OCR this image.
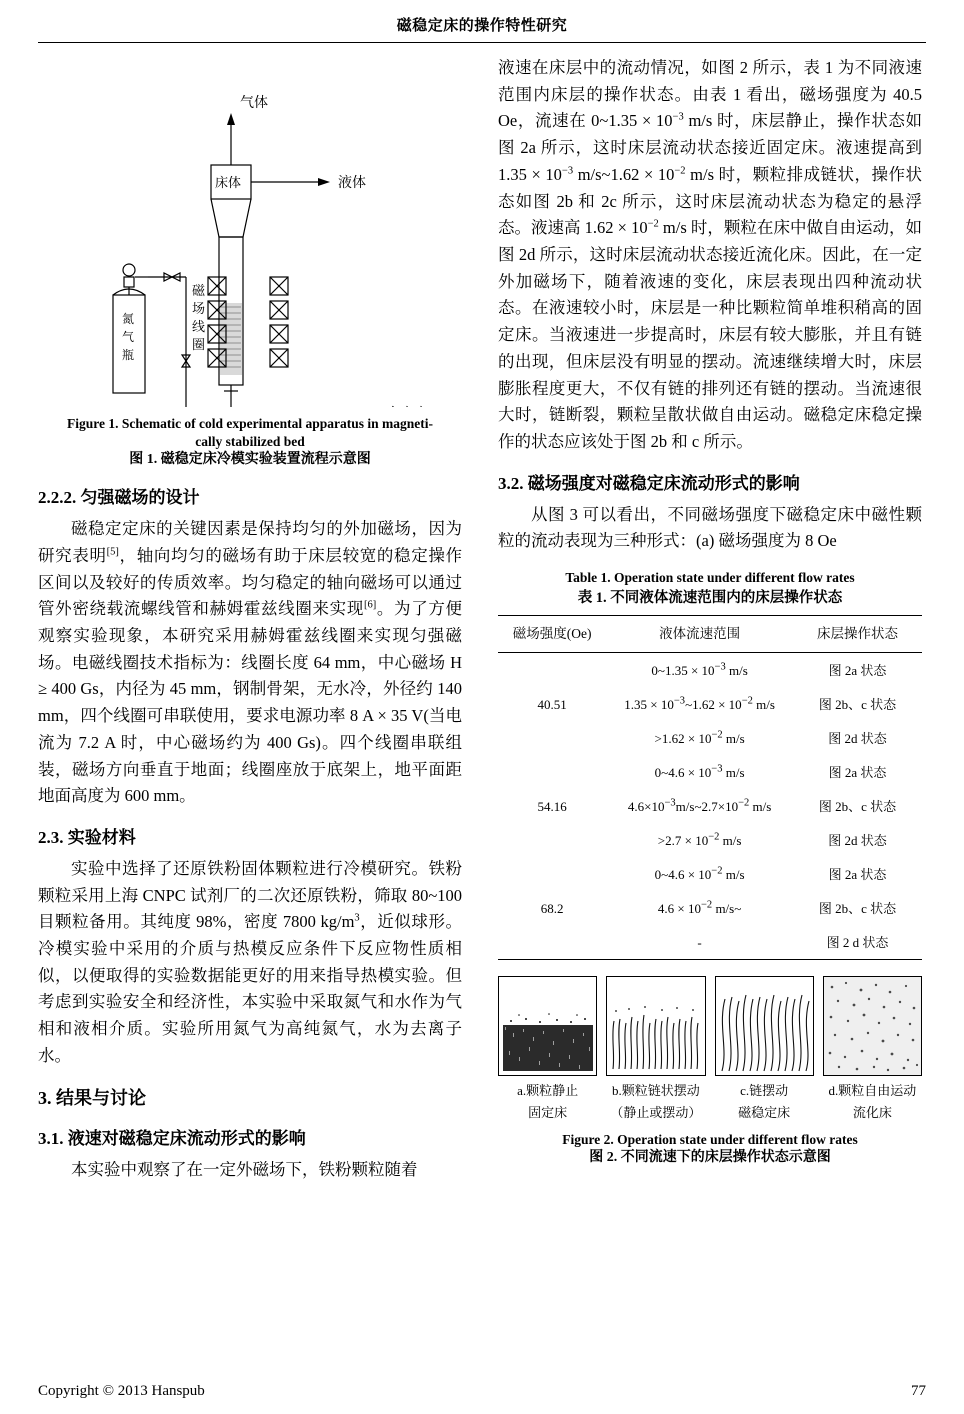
磁稳定床的操作特性研究
气体
液体
床体
磁
场
线
圈
氮
气
瓶
Figure 1. Schematic of cold experimental apparatus in magneti-
cally stabilized bed
图 1. 磁稳定床冷模实验装置流程示意图
2.2.2. 匀强磁场的设计

磁稳定定床的关键因素是保持均匀的外加磁场，因为研究表明[5]，轴向均匀的磁场有助于床层较宽的稳定操作区间以及较好的传质效率。均匀稳定的轴向磁场可以通过管外密绕载流螺线管和赫姆霍兹线圈来实现[6]。为了方便观察实验现象，本研究采用赫姆霍兹线圈来实现匀强磁场。电磁线圈技术指标为：线圈长度 64 mm，中心磁场 H ≥ 400 Gs，内径为 45 mm，钢制骨架，无水冷，外径约 140 mm，四个线圈可串联使用，要求电源功率 8 A × 35 V(当电流为 7.2 A 时，中心磁场约为 400 Gs)。四个线圈串联组装，磁场方向垂直于地面；线圈座放于底架上，地平面距地面高度为 600 mm。

2.3. 实验材料

实验中选择了还原铁粉固体颗粒进行冷模研究。铁粉颗粒采用上海 CNPC 试剂厂的二次还原铁粉，筛取 80~100 目颗粒备用。其纯度 98%，密度 7800 $kg/m^3$，近似球形。冷模实验中采用的介质与热模反应条件下反应物性质相似，以便取得的实验数据能更好的用来指导热模实验。但考虑到实验安全和经济性，本实验中采取氮气和水作为气相和液相介质。实验所用氮气为高纯氮气，水为去离子水。

3. 结果与讨论
3.1. 液速对磁稳定床流动形式的影响

本实验中观察了在一定外磁场下，铁粉颗粒随着

液速在床层中的流动情况，如图 2 所示，表 1 为不同液速范围内床层的操作状态。由表 1 看出，磁场强度为 40.5 Oe，流速在 0~1.35 × $10^{-3}$ m/s 时，床层静止，操作状态如图 2a 所示，这时床层流动状态接近固定床。液速提高到 $1.35 \times 10^{-3}$ m/s~1.62 × $10^{-2}$ m/s 时，颗粒排成链状，操作状态如图 2b 和 2c 所示，这时床层流动状态为稳定的悬浮态。液速高 $1.62 \times 10^{-2}$ m/s 时，颗粒在床中做自由运动，如图 2d 所示，这时床层流动状态接近流化床。因此，在一定外加磁场下，随着液速的变化，床层表现出四种流动状态。在液速较小时，床层是一种比颗粒简单堆积稍高的固定床。当液速进一步提高时，床层有较大膨胀，并且有链的出现，但床层没有明显的摆动。流速继续增大时，床层膨胀程度更大，不仅有链的排列还有链的摆动。当流速很大时，链断裂，颗粒呈散状做自由运动。磁稳定床稳定操作的状态应该处于图 2b 和 c 所示。

3.2. 磁场强度对磁稳定床流动形式的影响

从图 3 可以看出，不同磁场强度下磁稳定床中磁性颗粒的流动表现为三种形式：(a) 磁场强度为 8 Oe

Table 1. Operation state under different flow rates
表 1. 不同液体流速范围内的床层操作状态
磁场强度(Oe)	液体流速范围	床层操作状态
	0~1.35 × $10^{-3}$ m/s	图 2a 状态
40.51	$1.35 \times 10^{-3}\sim 1.62 \times 10^{-2}$ m/s	图 2b、c 状态
	$>1.62 \times 10^{-2}$ m/s	图 2d 状态
	0~4.6 × $10^{-3}$ m/s	图 2a 状态
54.16	$4.6\times 10^{-3}m/s\sim 2.7\times 10^{-2}$ m/s	图 2b、c 状态
	$>2.7 \times 10^{-2}$ m/s	图 2d 状态
	0~4.6 × $10^{-2}$ m/s	图 2a 状态
68.2	$4.6 \times 10^{-2}$ m/s~	图 2b、c 状态
	-	图 2 d 状态
a.颗粒静止	b.颗粒链状摆动	c.链摆动	d.颗粒自由运动
固定床	（静止或摆动）	磁稳定床	流化床
Figure 2. Operation state under different flow rates
图 2. 不同流速下的床层操作状态示意图
Copyright © 2013 Hanspub	77
